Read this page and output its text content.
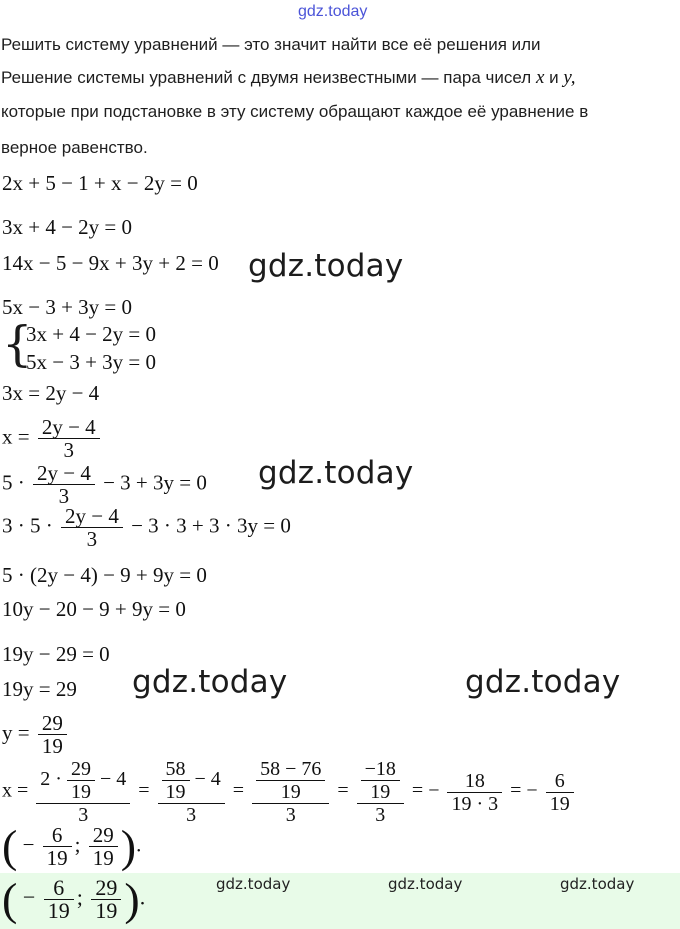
gdz.today
Решить систему уравнений — это значит найти все её решения или
Решение системы уравнений с двумя неизвестными — пара чисел x и y,
которые при подстановке в эту систему обращают каждое её уравнение в
верное равенство.
2x + 5 − 1 + x − 2y = 0
3x + 4 − 2y = 0
14x − 5 − 9x + 3y + 2 = 0 gdz.today
5x − 3 + 3y = 0
{
3x + 4 − 2y = 0
5x − 3 + 3y = 0
3x = 2y − 4
$x = \frac{2y - 4}{3}$
$5 \cdot \frac{2y - 4}{3} - 3 + 3y = 0$ gdz.today
$3 \cdot 5 \cdot \frac{2y - 4}{3} - 3 \cdot 3 + 3 \cdot 3y = 0$
5 · (2y − 4) − 9 + 9y = 0
10y − 20 − 9 + 9y = 0
19y − 29 = 0
19y = 29 gdz.today	gdz.today
$y = \frac{29}{19}$
$x = \frac{2 \cdot \frac{29}{19} - 4}{3} = \frac{\frac{58}{19} - 4}{3} = \frac{\frac{58 - 76}{19}}{3} = \frac{\frac{-18}{19}}{3}$ = − $\frac{18}{19 \cdot 3}$ = − $\frac{6}{19}$
( − $\frac{6}{19}$ ; $\frac{29}{19}$ ).
( − $\frac{6}{19}$ ; $\frac{29}{19}$ ).
gdz.today	gdz.today	gdz.today
